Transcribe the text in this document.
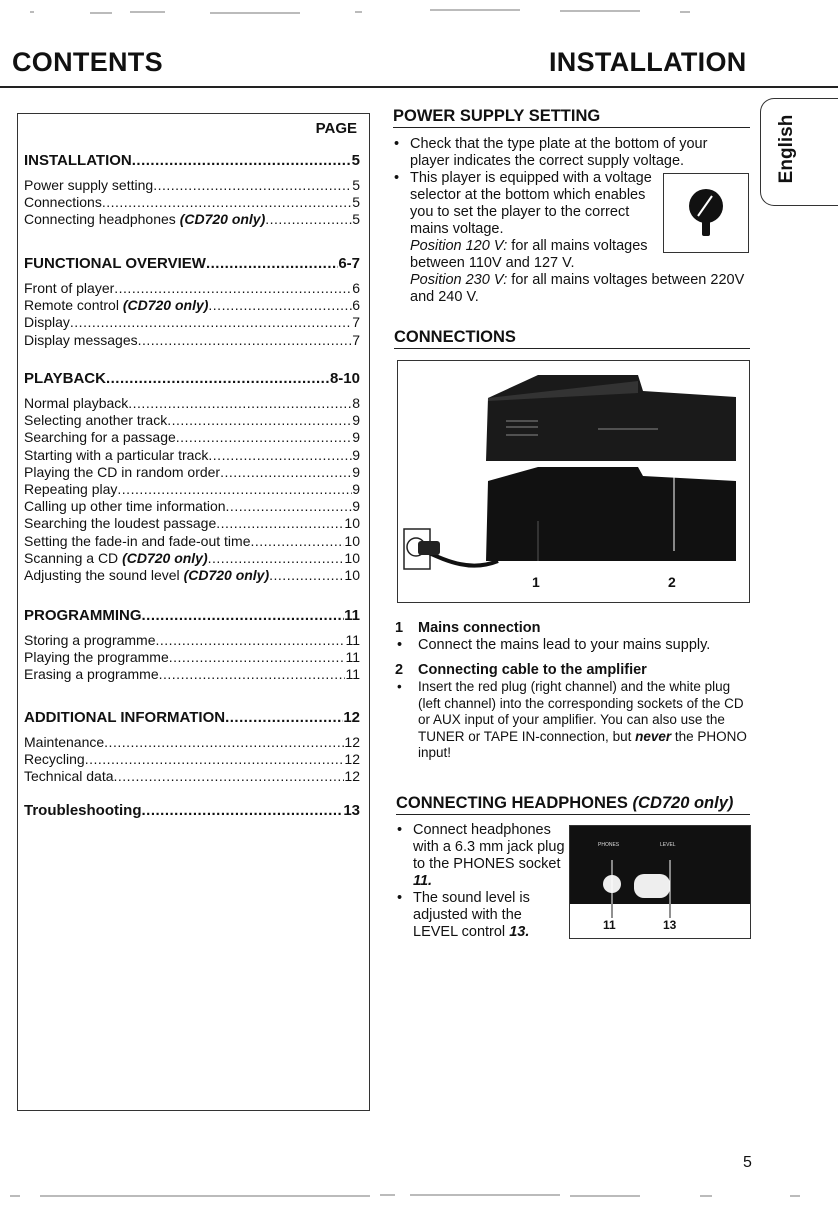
CONTENTS	INSTALLATION
English
PAGE
INSTALLATION .....	5
Power supply setting .....	5
Connections .....	5
Connecting headphones (CD720 only) .....	5
FUNCTIONAL OVERVIEW .....	6-7
Front of player .....	6
Remote control (CD720 only) .....	6
Display .....	7
Display messages .....	7
PLAYBACK .....	8-10
Normal playback .....	8
Selecting another track .....	9
Searching for a passage .....	9
Starting with a particular track .....	9
Playing the CD in random order .....	9
Repeating play .....	9
Calling up other time information .....	9
Searching the loudest passage .....	10
Setting the fade-in and fade-out time .....	10
Scanning a CD (CD720 only) .....	10
Adjusting the sound level (CD720 only) .....	10
PROGRAMMING .....	11
Storing a programme .....	11
Playing the programme .....	11
Erasing a programme .....	11
ADDITIONAL INFORMATION .....	12
Maintenance .....	12
Recycling .....	12
Technical data .....	12
Troubleshooting .....	13
POWER SUPPLY SETTING
• Check that the type plate at the bottom of your player indicates the correct supply voltage.
• This player is equipped with a voltage selector at the bottom which enables you to set the player to the correct mains voltage.
Position 120 V: for all mains voltages between 110V and 127 V.
Position 230 V: for all mains voltages between 220V and 240 V.
CONNECTIONS
1	2
1 Mains connection
• Connect the mains lead to your mains supply.
2 Connecting cable to the amplifier
• Insert the red plug (right channel) and the white plug (left channel) into the corresponding sockets of the CD or AUX input of your amplifier. You can also use the TUNER or TAPE IN-connection, but never the PHONO input!
CONNECTING HEADPHONES (CD720 only)
• Connect headphones with a 6.3 mm jack plug to the PHONES socket 11.
• The sound level is adjusted with the LEVEL control 13.
PHONES	LEVEL
11	13
5
